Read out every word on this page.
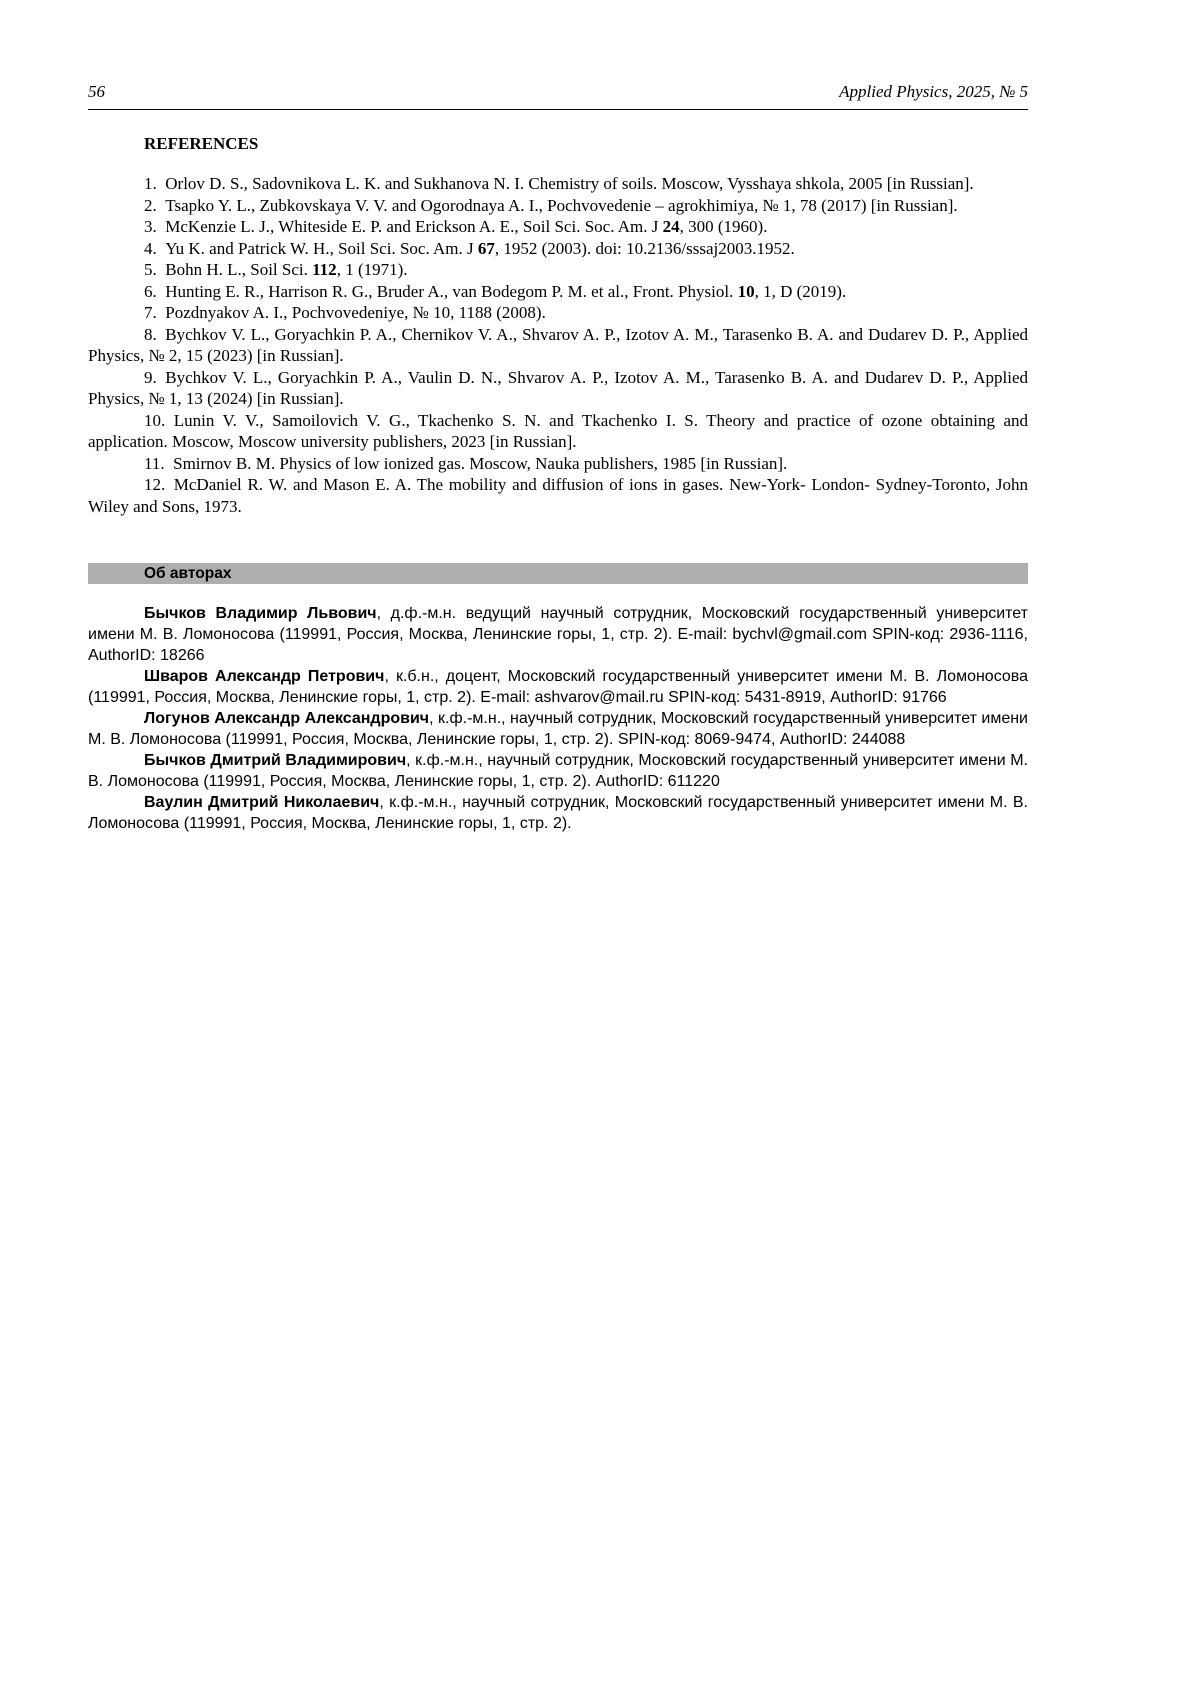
56	Applied Physics, 2025, № 5
REFERENCES

1. Orlov D. S., Sadovnikova L. K. and Sukhanova N. I. Chemistry of soils. Moscow, Vysshaya shkola, 2005 [in Russian].

2. Tsapko Y. L., Zubkovskaya V. V. and Ogorodnaya A. I., Pochvovedenie – agrokhimiya, № 1, 78 (2017) [in Russian].

3. McKenzie L. J., Whiteside E. P. and Erickson A. E., Soil Sci. Soc. Am. J 24, 300 (1960).

4. Yu K. and Patrick W. H., Soil Sci. Soc. Am. J 67, 1952 (2003). doi: 10.2136/sssaj2003.1952.

5. Bohn H. L., Soil Sci. 112, 1 (1971).

6. Hunting E. R., Harrison R. G., Bruder A., van Bodegom P. M. et al., Front. Physiol. 10, 1, D (2019).

7. Pozdnyakov A. I., Pochvovedeniye, № 10, 1188 (2008).

8. Bychkov V. L., Goryachkin P. A., Chernikov V. A., Shvarov A. P., Izotov A. M., Tarasenko B. A. and Dudarev D. P., Applied Physics, № 2, 15 (2023) [in Russian].

9. Bychkov V. L., Goryachkin P. A., Vaulin D. N., Shvarov A. P., Izotov A. M., Tarasenko B. A. and Dudarev D. P., Applied Physics, № 1, 13 (2024) [in Russian].

10. Lunin V. V., Samoilovich V. G., Tkachenko S. N. and Tkachenko I. S. Theory and practice of ozone obtaining and application. Moscow, Moscow university publishers, 2023 [in Russian].

11. Smirnov B. M. Physics of low ionized gas. Moscow, Nauka publishers, 1985 [in Russian].

12. McDaniel R. W. and Mason E. A. The mobility and diffusion of ions in gases. New-York- London- Sydney-Toronto, John Wiley and Sons, 1973.

Об авторах

Бычков Владимир Львович, д.ф.-м.н. ведущий научный сотрудник, Московский государственный университет имени М. В. Ломоносова (119991, Россия, Москва, Ленинские горы, 1, стр. 2). E-mail: bychvl@gmail.com SPIN-код: 2936-1116, AuthorID: 18266

Шваров Александр Петрович, к.б.н., доцент, Московский государственный университет имени М. В. Ломоносова (119991, Россия, Москва, Ленинские горы, 1, стр. 2). E-mail: ashvarov@mail.ru SPIN-код: 5431-8919, AuthorID: 91766

Логунов Александр Александрович, к.ф.-м.н., научный сотрудник, Московский государственный университет имени М. В. Ломоносова (119991, Россия, Москва, Ленинские горы, 1, стр. 2). SPIN-код: 8069-9474, AuthorID: 244088

Бычков Дмитрий Владимирович, к.ф.-м.н., научный сотрудник, Московский государственный университет имени М. В. Ломоносова (119991, Россия, Москва, Ленинские горы, 1, стр. 2). AuthorID: 611220

Ваулин Дмитрий Николаевич, к.ф.-м.н., научный сотрудник, Московский государственный университет имени М. В. Ломоносова (119991, Россия, Москва, Ленинские горы, 1, стр. 2).
